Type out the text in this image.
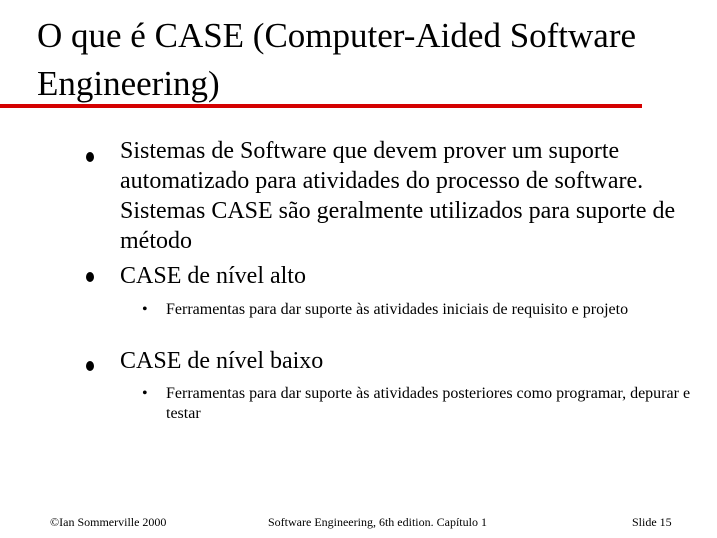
O que é CASE (Computer-Aided Software Engineering)
Sistemas de Software que devem prover um suporte automatizado para atividades do processo de software. Sistemas CASE são geralmente utilizados para suporte de método
CASE de nível alto
• Ferramentas para dar suporte às atividades iniciais de requisito e projeto
CASE de nível baixo
• Ferramentas para dar suporte às atividades posteriores como programar, depurar e testar
©Ian Sommerville 2000	Software Engineering, 6th edition. Capítulo 1	Slide 15
